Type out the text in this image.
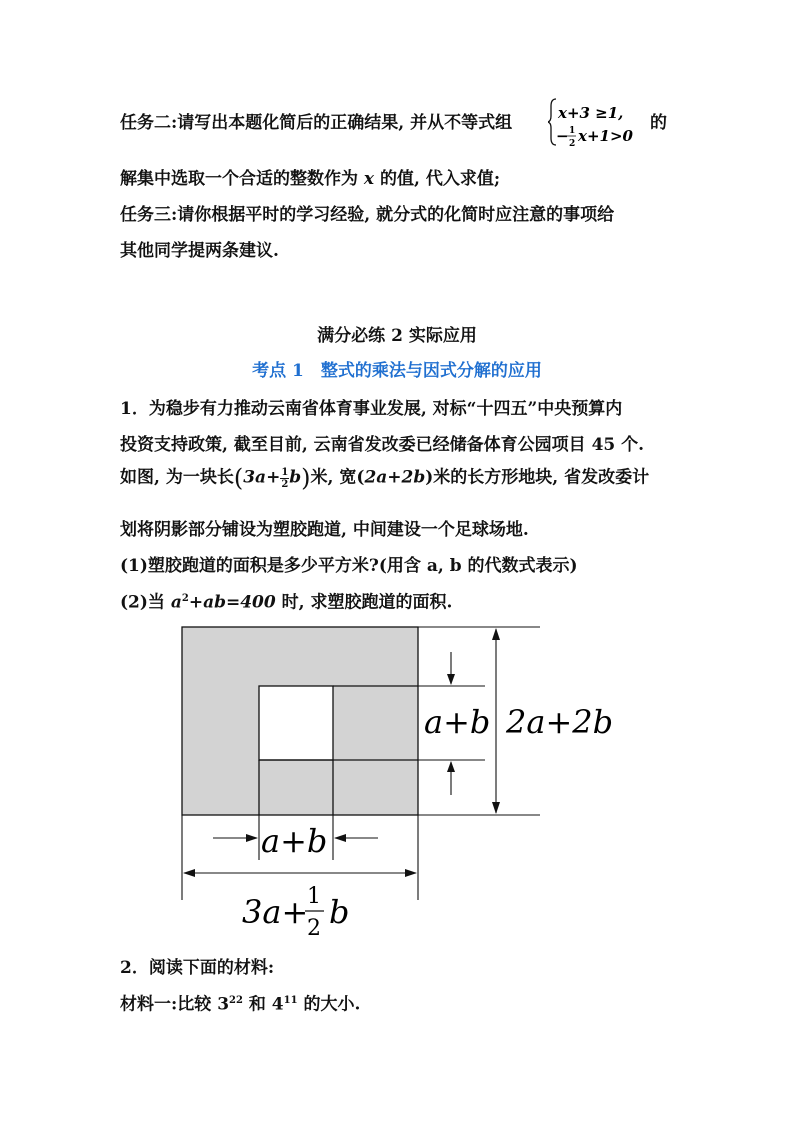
任务二:请写出本题化简后的正确结果, 并从不等式组	x+3 ≥1,
− 1
2 x+1>0
的
解集中选取一个合适的整数作为 x 的值, 代入求值;
任务三:请你根据平时的学习经验, 就分式的化简时应注意的事项给
其他同学提两条建议.
满分必练 2 实际应用
考点 1　整式的乘法与因式分解的应用
1．为稳步有力推动云南省体育事业发展, 对标“十四五”中央预算内
投资支持政策, 截至目前, 云南省发改委已经储备体育公园项目 45 个.
如图, 为一块长$(3a+ \frac{1}{2} b)$米, 宽(2a+2b)米的长方形地块, 省发改委计
划将阴影部分铺设为塑胶跑道, 中间建设一个足球场地.
(1)塑胶跑道的面积是多少平方米?(用含 a, b 的代数式表示)
(2)当 $a^2+ab=400$ 时, 求塑胶跑道的面积.
a+b 2a+2b
a+b
3a+
1
2 b
2．阅读下面的材料:
材料一:比较 $3^{22}$ 和 $4^{11}$ 的大小.
